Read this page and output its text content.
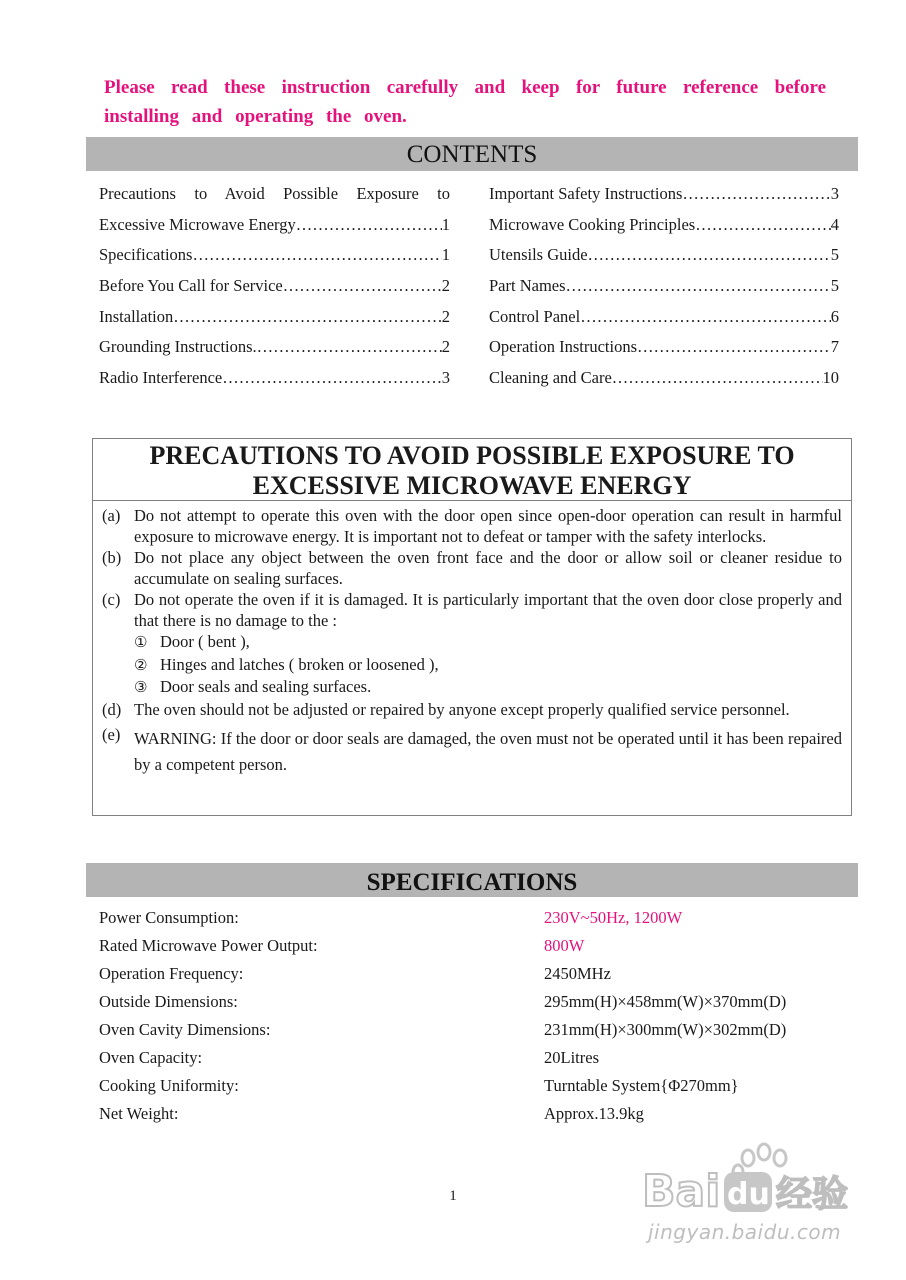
Please read these instruction carefully and keep for future reference before
installing and operating the oven.
CONTENTS
Precautions to Avoid Possible Exposure to
Excessive Microwave Energy ……………………………………………………………………………………………………………	1
Specifications ……………………………………………………………………………………………………………	1
Before You Call for Service ……………………………………………………………………………………………………………	2
Installation ……………………………………………………………………………………………………………	2
Grounding Instructions. ……………………………………………………………………………………………………………	2
Radio Interference ……………………………………………………………………………………………………………	3
Important Safety Instructions ……………………………………………………………………………………………………………	3
Microwave Cooking Principles ……………………………………………………………………………………………………………	4
Utensils Guide ……………………………………………………………………………………………………………	5
Part Names ……………………………………………………………………………………………………………	5
Control Panel ……………………………………………………………………………………………………………	6
Operation Instructions ……………………………………………………………………………………………………………	7
Cleaning and Care ……………………………………………………………………………………………………………	10
PRECAUTIONS TO AVOID POSSIBLE EXPOSURE TO
EXCESSIVE MICROWAVE ENERGY
(a) Do not attempt to operate this oven with the door open since open-door operation can result in harmful exposure to microwave energy. It is important not to defeat or tamper with the safety interlocks.
(b) Do not place any object between the oven front face and the door or allow soil or cleaner residue to accumulate on sealing surfaces.
(c) Do not operate the oven if it is damaged. It is particularly important that the oven door close properly and that there is no damage to the :
① Door ( bent ),
② Hinges and latches ( broken or loosened ),
③ Door seals and sealing surfaces.
(d) The oven should not be adjusted or repaired by anyone except properly qualified service personnel.
(e) WARNING: If the door or door seals are damaged, the oven must not be operated until it has been repaired by a competent person.
SPECIFICATIONS
Power Consumption:	230V~50Hz, 1200W
Rated Microwave Power Output:	800W
Operation Frequency:	2450MHz
Outside Dimensions:	295mm(H)×458mm(W)×370mm(D)
Oven Cavity Dimensions:	231mm(H)×300mm(W)×302mm(D)
Oven Capacity:	20Litres
Cooking Uniformity:	Turntable System{Φ270mm}
Net Weight:	Approx.13.9kg
1	Bai du 经验
jingyan.baidu.com
